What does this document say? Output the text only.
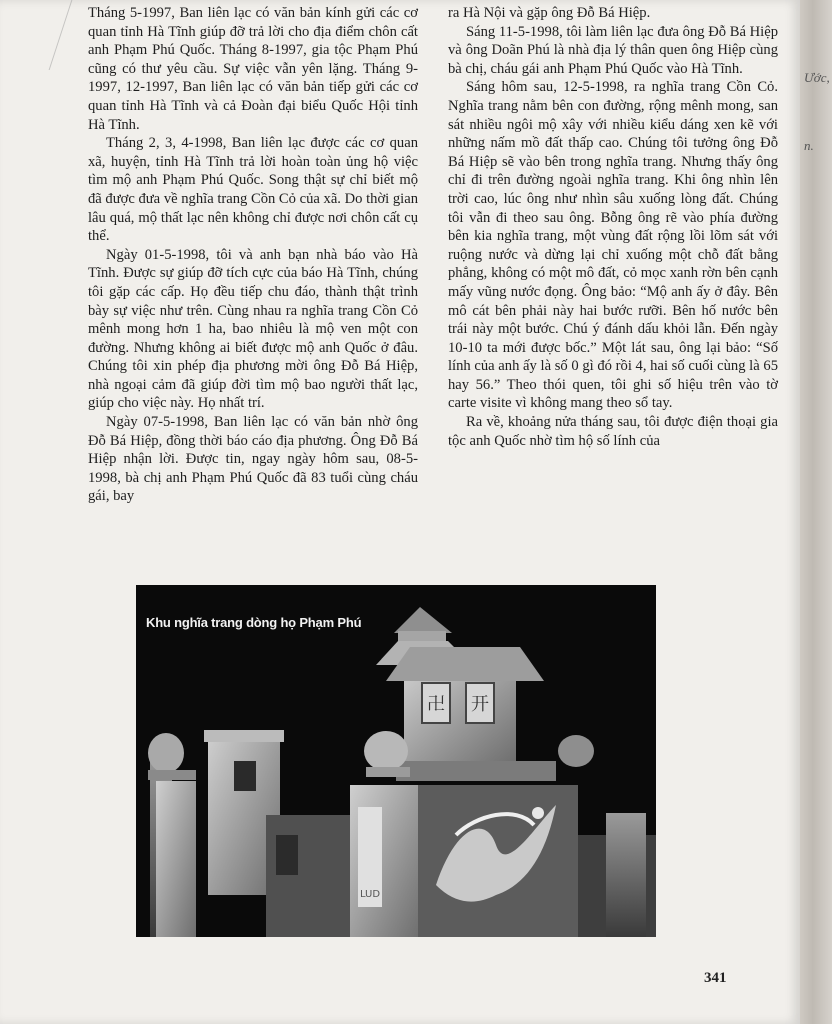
Tháng 5-1997, Ban liên lạc có văn bản kính gửi các cơ quan tỉnh Hà Tĩnh giúp đỡ trả lời cho địa điểm chôn cất anh Phạm Phú Quốc. Tháng 8-1997, gia tộc Phạm Phú cũng có thư yêu cầu. Sự việc vẫn yên lặng. Tháng 9-1997, 12-1997, Ban liên lạc có văn bản tiếp gửi các cơ quan tỉnh Hà Tĩnh và cả Đoàn đại biểu Quốc Hội tỉnh Hà Tĩnh.

Tháng 2, 3, 4-1998, Ban liên lạc được các cơ quan xã, huyện, tỉnh Hà Tĩnh trả lời hoàn toàn ủng hộ việc tìm mộ anh Phạm Phú Quốc. Song thật sự chỉ biết mộ đã được đưa về nghĩa trang Cồn Cỏ của xã. Do thời gian lâu quá, mộ thất lạc nên không chỉ được nơi chôn cất cụ thể.

Ngày 01-5-1998, tôi và anh bạn nhà báo vào Hà Tĩnh. Được sự giúp đỡ tích cực của báo Hà Tĩnh, chúng tôi gặp các cấp. Họ đều tiếp chu đáo, thành thật trình bày sự việc như trên. Cùng nhau ra nghĩa trang Cồn Cỏ mênh mong hơn 1 ha, bao nhiêu là mộ ven một con đường. Nhưng không ai biết được mộ anh Quốc ở đâu. Chúng tôi xin phép địa phương mời ông Đỗ Bá Hiệp, nhà ngoại cảm đã giúp đời tìm mộ bao người thất lạc, giúp cho việc này. Họ nhất trí.

Ngày 07-5-1998, Ban liên lạc có văn bản nhờ ông Đỗ Bá Hiệp, đồng thời báo cáo địa phương. Ông Đỗ Bá Hiệp nhận lời. Được tin, ngay ngày hôm sau, 08-5-1998, bà chị anh Phạm Phú Quốc đã 83 tuổi cùng cháu gái, bay

ra Hà Nội và gặp ông Đỗ Bá Hiệp.

Sáng 11-5-1998, tôi làm liên lạc đưa ông Đỗ Bá Hiệp và ông Doãn Phú là nhà địa lý thân quen ông Hiệp cùng bà chị, cháu gái anh Phạm Phú Quốc vào Hà Tĩnh.

Sáng hôm sau, 12-5-1998, ra nghĩa trang Cồn Cỏ. Nghĩa trang nằm bên con đường, rộng mênh mong, san sát nhiều ngôi mộ xây với nhiều kiểu dáng xen kẽ với những nấm mồ đất thấp cao. Chúng tôi tưởng ông Đỗ Bá Hiệp sẽ vào bên trong nghĩa trang. Nhưng thấy ông chỉ đi trên đường ngoài nghĩa trang. Khi ông nhìn lên trời cao, lúc ông như nhìn sâu xuống lòng đất. Chúng tôi vẫn đi theo sau ông. Bỗng ông rẽ vào phía đường bên kia nghĩa trang, một vùng đất rộng lồi lõm sát với ruộng nước và dừng lại chỉ xuống một chỗ đất bằng phẳng, không có một mô đất, cỏ mọc xanh rờn bên cạnh mấy vũng nước đọng. Ông bảo: “Mộ anh ấy ở đây. Bên mô cát bên phải này hai bước rưỡi. Bên hố nước bên trái này một bước. Chú ý đánh dấu khỏi lẫn. Đến ngày 10-10 ta mới được bốc.” Một lát sau, ông lại bảo: “Số lính của anh ấy là số 0 gì đó rồi 4, hai số cuối cùng là 65 hay 56.” Theo thói quen, tôi ghi số hiệu trên vào tờ carte visite vì không mang theo sổ tay.

Ra về, khoảng nửa tháng sau, tôi được điện thoại gia tộc anh Quốc nhờ tìm hộ số lính của

卍 开
LUD
Khu nghĩa trang dòng họ Phạm Phú
341
Ước,
n.
